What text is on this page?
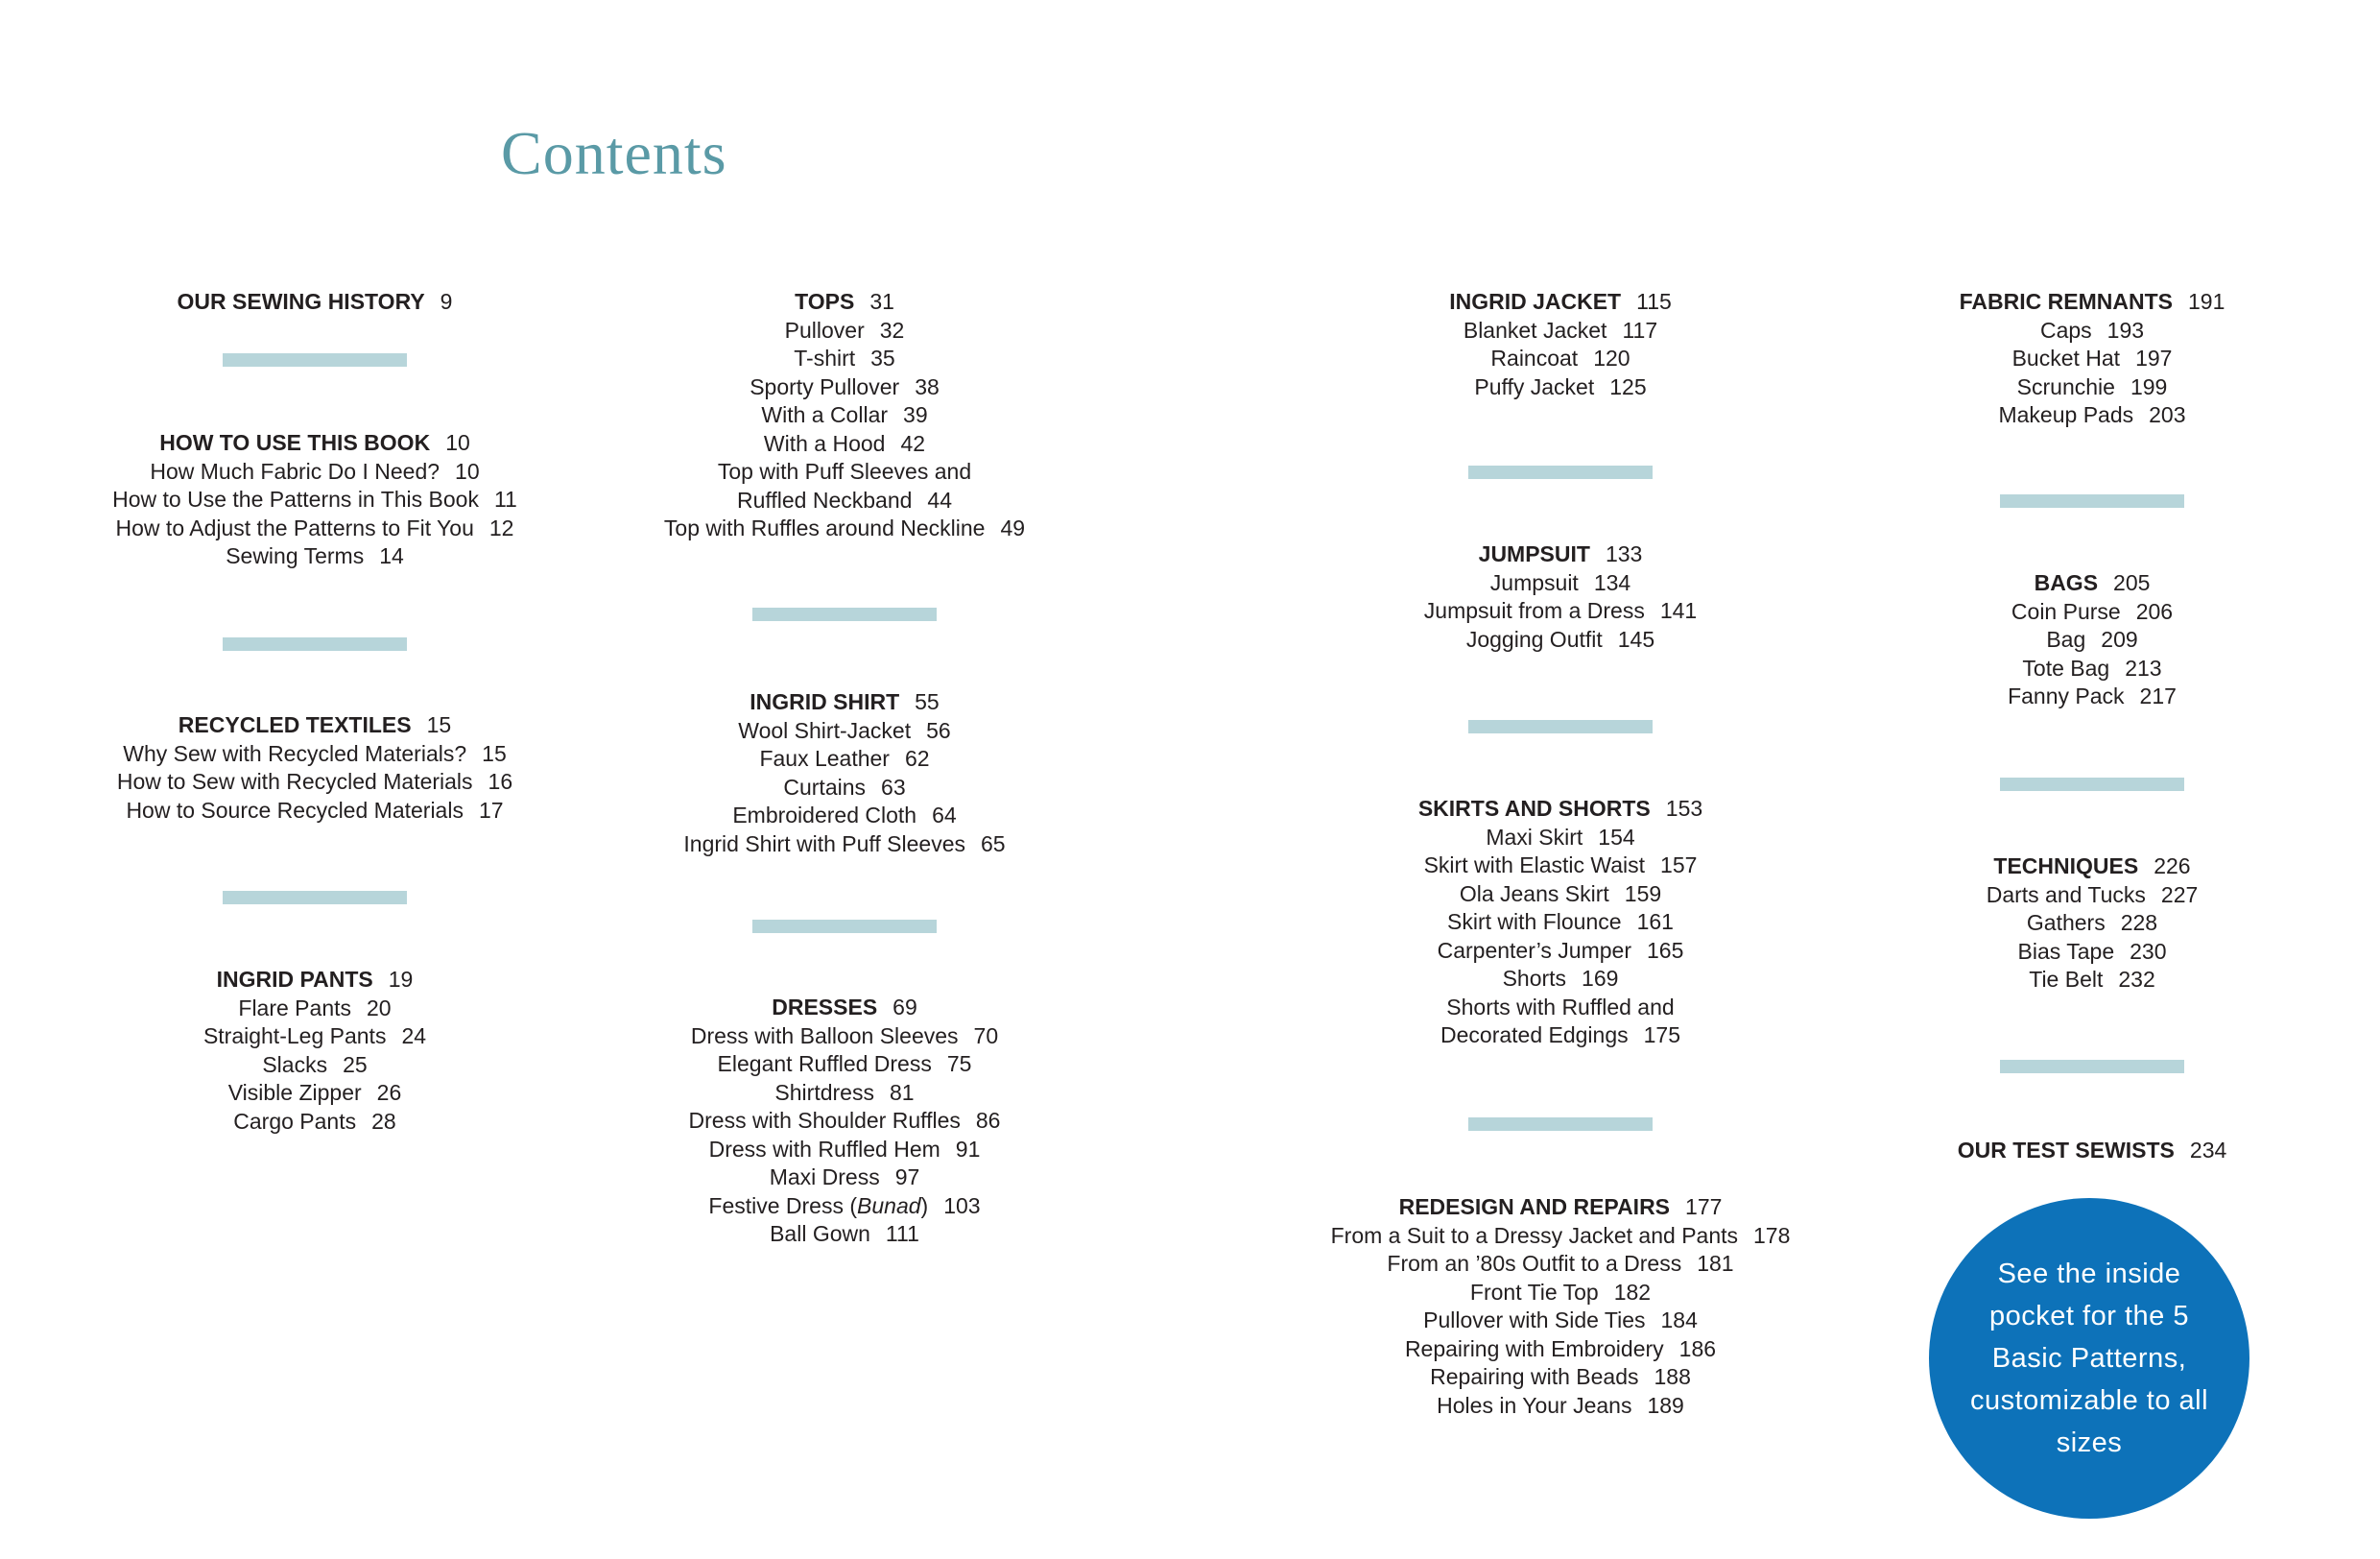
Contents
OUR SEWING HISTORY 9
HOW TO USE THIS BOOK 10
How Much Fabric Do I Need? 10
How to Use the Patterns in This Book 11
How to Adjust the Patterns to Fit You 12
Sewing Terms 14
RECYCLED TEXTILES 15
Why Sew with Recycled Materials? 15
How to Sew with Recycled Materials 16
How to Source Recycled Materials 17
INGRID PANTS 19
Flare Pants 20
Straight-Leg Pants 24
Slacks 25
Visible Zipper 26
Cargo Pants 28
TOPS 31
Pullover 32
T-shirt 35
Sporty Pullover 38
With a Collar 39
With a Hood 42
Top with Puff Sleeves and
Ruffled Neckband 44
Top with Ruffles around Neckline 49
INGRID SHIRT 55
Wool Shirt-Jacket 56
Faux Leather 62
Curtains 63
Embroidered Cloth 64
Ingrid Shirt with Puff Sleeves 65
DRESSES 69
Dress with Balloon Sleeves 70
Elegant Ruffled Dress 75
Shirtdress 81
Dress with Shoulder Ruffles 86
Dress with Ruffled Hem 91
Maxi Dress 97
Festive Dress (Bunad) 103
Ball Gown 111
INGRID JACKET 115
Blanket Jacket 117
Raincoat 120
Puffy Jacket 125
JUMPSUIT 133
Jumpsuit 134
Jumpsuit from a Dress 141
Jogging Outfit 145
SKIRTS AND SHORTS 153
Maxi Skirt 154
Skirt with Elastic Waist 157
Ola Jeans Skirt 159
Skirt with Flounce 161
Carpenter’s Jumper 165
Shorts 169
Shorts with Ruffled and
Decorated Edgings 175
REDESIGN AND REPAIRS 177
From a Suit to a Dressy Jacket and Pants 178
From an ’80s Outfit to a Dress 181
Front Tie Top 182
Pullover with Side Ties 184
Repairing with Embroidery 186
Repairing with Beads 188
Holes in Your Jeans 189
FABRIC REMNANTS 191
Caps 193
Bucket Hat 197
Scrunchie 199
Makeup Pads 203
BAGS 205
Coin Purse 206
Bag 209
Tote Bag 213
Fanny Pack 217
TECHNIQUES 226
Darts and Tucks 227
Gathers 228
Bias Tape 230
Tie Belt 232
OUR TEST SEWISTS 234
See the inside pocket for the 5 Basic Patterns, customizable to all sizes
